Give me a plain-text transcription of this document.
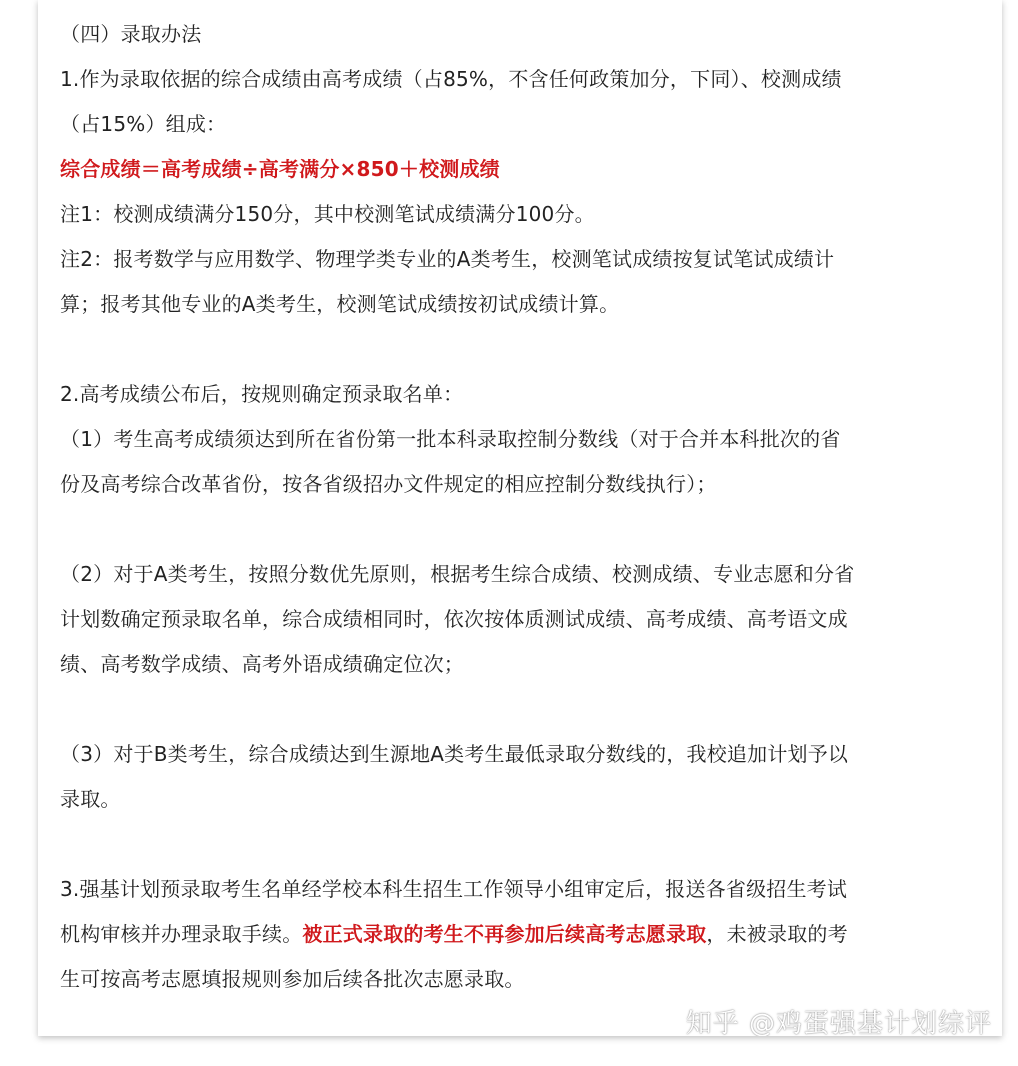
（四）录取办法
1.作为录取依据的综合成绩由高考成绩（占85%，不含任何政策加分，下同）、校测成绩
（占15%）组成：
综合成绩＝高考成绩÷高考满分×850＋校测成绩
注1：校测成绩满分150分，其中校测笔试成绩满分100分。
注2：报考数学与应用数学、物理学类专业的A类考生，校测笔试成绩按复试笔试成绩计
算；报考其他专业的A类考生，校测笔试成绩按初试成绩计算。
2.高考成绩公布后，按规则确定预录取名单：
（1）考生高考成绩须达到所在省份第一批本科录取控制分数线（对于合并本科批次的省
份及高考综合改革省份，按各省级招办文件规定的相应控制分数线执行）；
（2）对于A类考生，按照分数优先原则，根据考生综合成绩、校测成绩、专业志愿和分省
计划数确定预录取名单，综合成绩相同时，依次按体质测试成绩、高考成绩、高考语文成
绩、高考数学成绩、高考外语成绩确定位次；
（3）对于B类考生，综合成绩达到生源地A类考生最低录取分数线的，我校追加计划予以
录取。
3.强基计划预录取考生名单经学校本科生招生工作领导小组审定后，报送各省级招生考试
机构审核并办理录取手续。被正式录取的考生不再参加后续高考志愿录取，未被录取的考
生可按高考志愿填报规则参加后续各批次志愿录取。
知乎 @鸡蛋强基计划综评
